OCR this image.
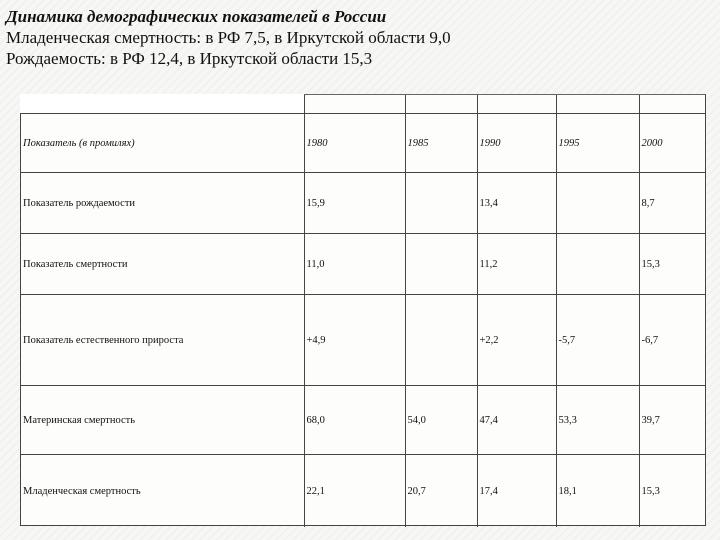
Динамика демографических показателей в России
Младенческая смертность: в РФ 7,5, в Иркутской области 9,0
Рождаемость: в РФ 12,4, в Иркутской области 15,3
Показатель (в промилях)	1980	1985	1990	1995	2000
Показатель рождаемости	15,9		13,4		8,7
Показатель смертности	11,0		11,2		15,3
Показатель естественного прироста	+4,9		+2,2	-5,7	-6,7
Материнская смертность	68,0	54,0	47,4	53,3	39,7
Младенческая смертность	22,1	20,7	17,4	18,1	15,3
